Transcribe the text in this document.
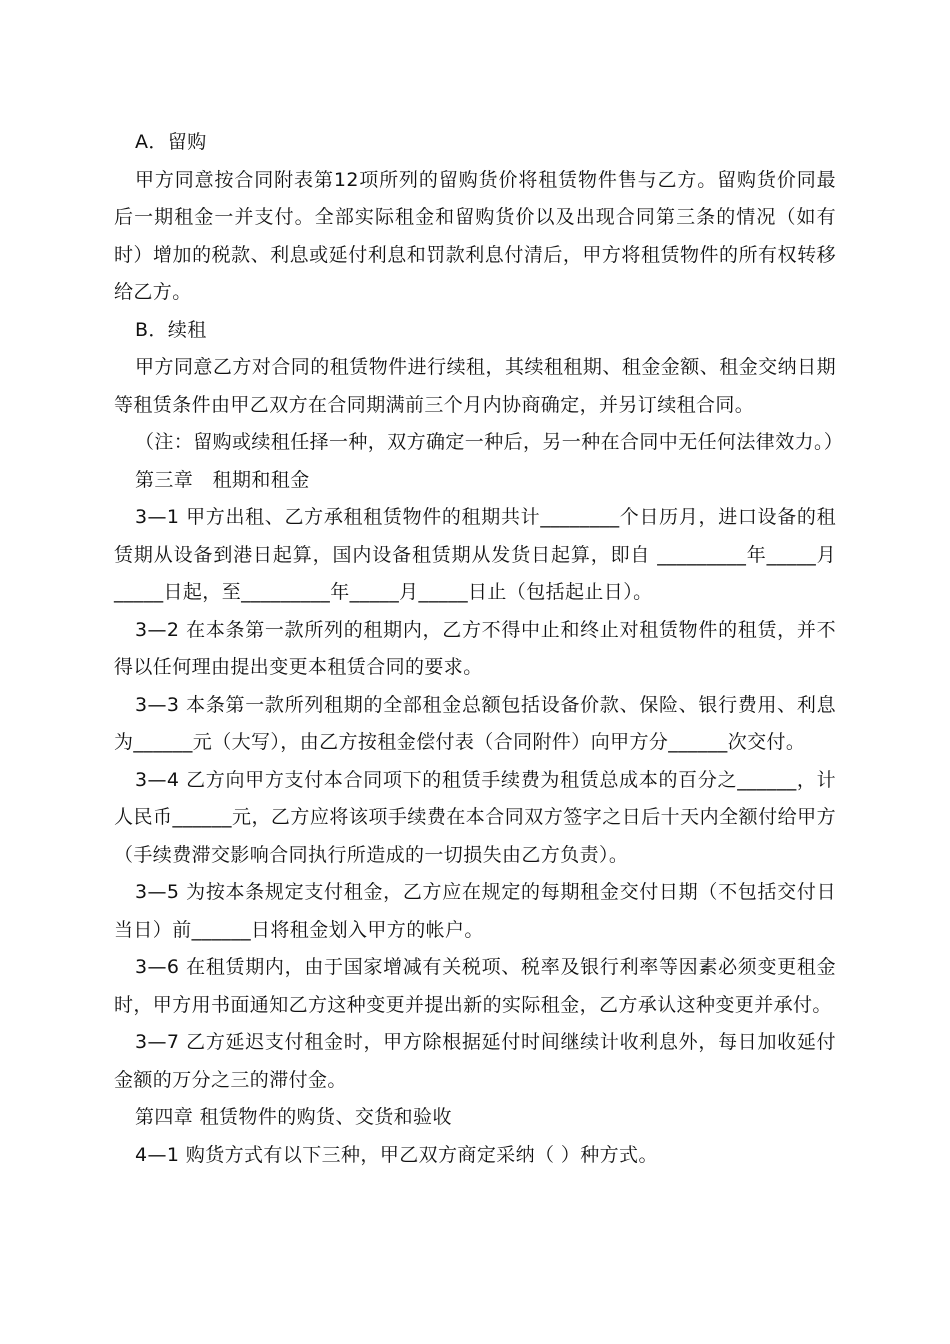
A．留购

甲方同意按合同附表第12项所列的留购货价将租赁物件售与乙方。留购货价同最后一期租金一并支付。全部实际租金和留购货价以及出现合同第三条的情况（如有时）增加的税款、利息或延付利息和罚款利息付清后，甲方将租赁物件的所有权转移给乙方。

B．续租

甲方同意乙方对合同的租赁物件进行续租，其续租租期、租金金额、租金交纳日期等租赁条件由甲乙双方在合同期满前三个月内协商确定，并另订续租合同。

（注：留购或续租任择一种，双方确定一种后，另一种在合同中无任何法律效力。）

第三章　租期和租金

3—1 甲方出租、乙方承租租赁物件的租期共计________个日历月，进口设备的租赁期从设备到港日起算，国内设备租赁期从发货日起算，即自 _________年_____月_____日起，至_________年_____月_____日止（包括起止日）。

3—2 在本条第一款所列的租期内，乙方不得中止和终止对租赁物件的租赁，并不得以任何理由提出变更本租赁合同的要求。

3—3 本条第一款所列租期的全部租金总额包括设备价款、保险、银行费用、利息为______元（大写），由乙方按租金偿付表（合同附件）向甲方分______次交付。

3—4 乙方向甲方支付本合同项下的租赁手续费为租赁总成本的百分之______，计人民币______元，乙方应将该项手续费在本合同双方签字之日后十天内全额付给甲方（手续费滞交影响合同执行所造成的一切损失由乙方负责）。

3—5 为按本条规定支付租金，乙方应在规定的每期租金交付日期（不包括交付日当日）前______日将租金划入甲方的帐户。

3—6 在租赁期内，由于国家增减有关税项、税率及银行利率等因素必须变更租金时，甲方用书面通知乙方这种变更并提出新的实际租金，乙方承认这种变更并承付。

3—7 乙方延迟支付租金时，甲方除根据延付时间继续计收利息外，每日加收延付金额的万分之三的滞付金。

第四章 租赁物件的购货、交货和验收

4—1 购货方式有以下三种，甲乙双方商定采纳（ ）种方式。
